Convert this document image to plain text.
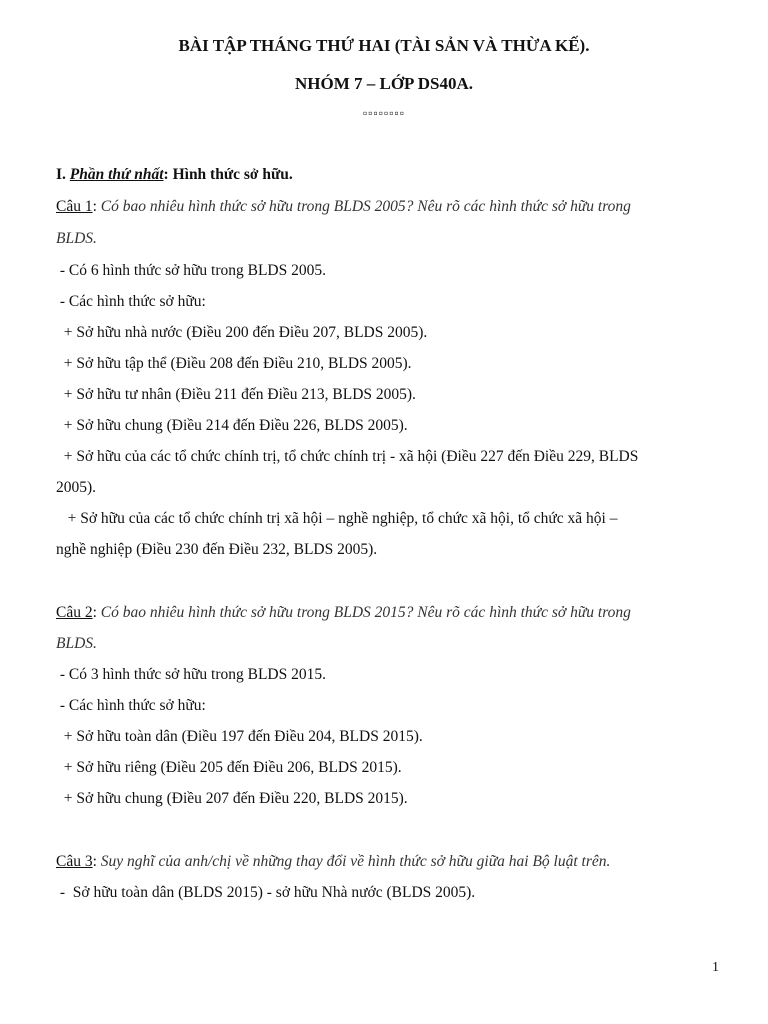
BÀI TẬP THÁNG THỨ HAI (TÀI SẢN VÀ THỪA KẾ).
NHÓM 7 – LỚP DS40A.
▫▫▫▫▫▫▫▫
I. Phần thứ nhất: Hình thức sở hữu.
Câu 1: Có bao nhiêu hình thức sở hữu trong BLDS 2005? Nêu rõ các hình thức sở hữu trong
BLDS.
- Có 6 hình thức sở hữu trong BLDS 2005.
- Các hình thức sở hữu:
+ Sở hữu nhà nước (Điều 200 đến Điều 207, BLDS 2005).
+ Sở hữu tập thể (Điều 208 đến Điều 210, BLDS 2005).
+ Sở hữu tư nhân (Điều 211 đến Điều 213, BLDS 2005).
+ Sở hữu chung (Điều 214 đến Điều 226, BLDS 2005).
+ Sở hữu của các tổ chức chính trị, tổ chức chính trị - xã hội (Điều 227 đến Điều 229, BLDS
2005).
+ Sở hữu của các tổ chức chính trị xã hội – nghề nghiệp, tổ chức xã hội, tổ chức xã hội –
nghề nghiệp (Điều 230 đến Điều 232, BLDS 2005).
Câu 2: Có bao nhiêu hình thức sở hữu trong BLDS 2015? Nêu rõ các hình thức sở hữu trong
BLDS.
- Có 3 hình thức sở hữu trong BLDS 2015.
- Các hình thức sở hữu:
+ Sở hữu toàn dân (Điều 197 đến Điều 204, BLDS 2015).
+ Sở hữu riêng (Điều 205 đến Điều 206, BLDS 2015).
+ Sở hữu chung (Điều 207 đến Điều 220, BLDS 2015).
Câu 3: Suy nghĩ của anh/chị về những thay đổi về hình thức sở hữu giữa hai Bộ luật trên.
-  Sở hữu toàn dân (BLDS 2015) - sở hữu Nhà nước (BLDS 2005).
1
